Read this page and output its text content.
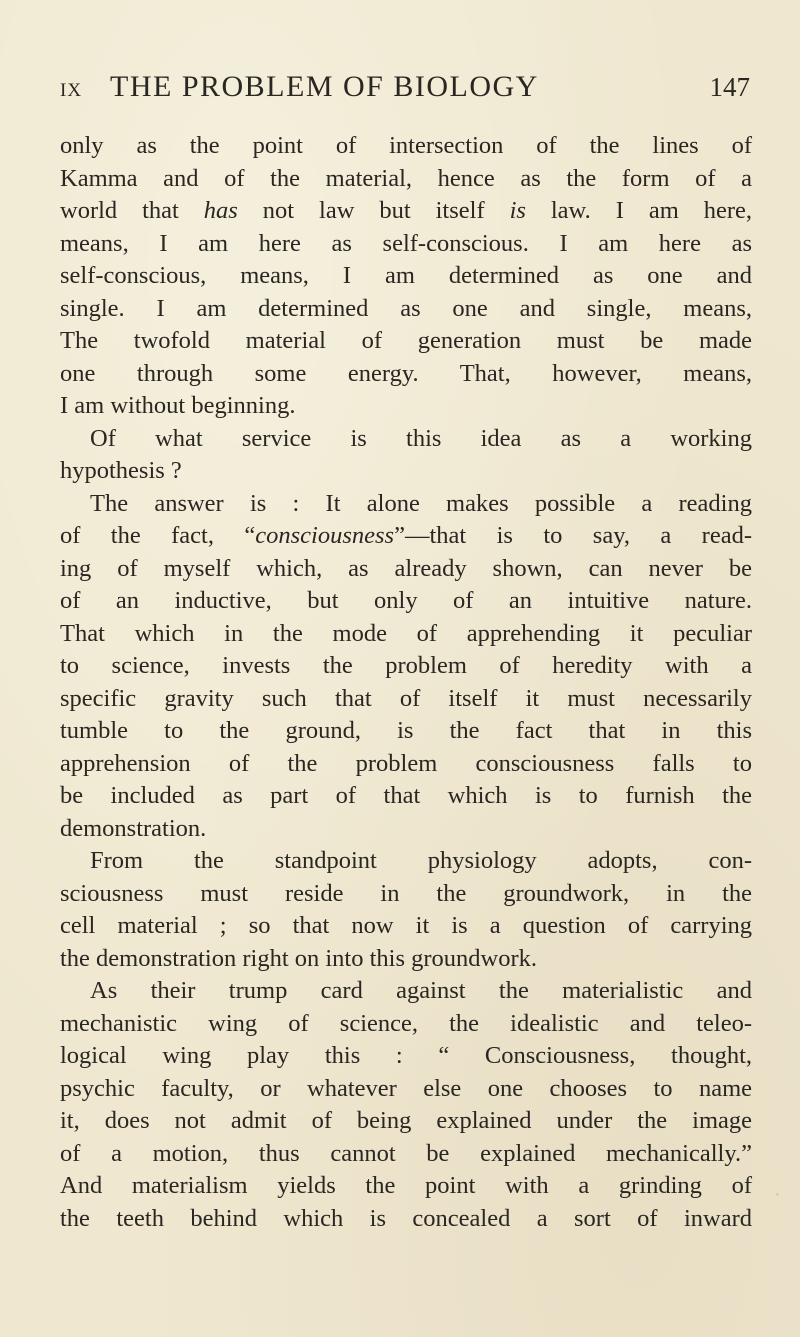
IX THE PROBLEM OF BIOLOGY	147
only as the point of intersection of the lines of
Kamma and of the material, hence as the form of a
world that has not law but itself is law. I am here,
means, I am here as self-conscious. I am here as
self-conscious, means, I am determined as one and
single. I am determined as one and single, means,
The twofold material of generation must be made
one through some energy. That, however, means,
I am without beginning.
Of what service is this idea as a working
hypothesis ?
The answer is : It alone makes possible a reading
of the fact, “consciousness”—that is to say, a read-
ing of myself which, as already shown, can never be
of an inductive, but only of an intuitive nature.
That which in the mode of apprehending it peculiar
to science, invests the problem of heredity with a
specific gravity such that of itself it must necessarily
tumble to the ground, is the fact that in this
apprehension of the problem consciousness falls to
be included as part of that which is to furnish the
demonstration.
From the standpoint physiology adopts, con-
sciousness must reside in the groundwork, in the
cell material ; so that now it is a question of carrying
the demonstration right on into this groundwork.
As their trump card against the materialistic and
mechanistic wing of science, the idealistic and teleo-
logical wing play this : “ Consciousness, thought,
psychic faculty, or whatever else one chooses to name
it, does not admit of being explained under the image
of a motion, thus cannot be explained mechanically.”
And materialism yields the point with a grinding of
the teeth behind which is concealed a sort of inward
